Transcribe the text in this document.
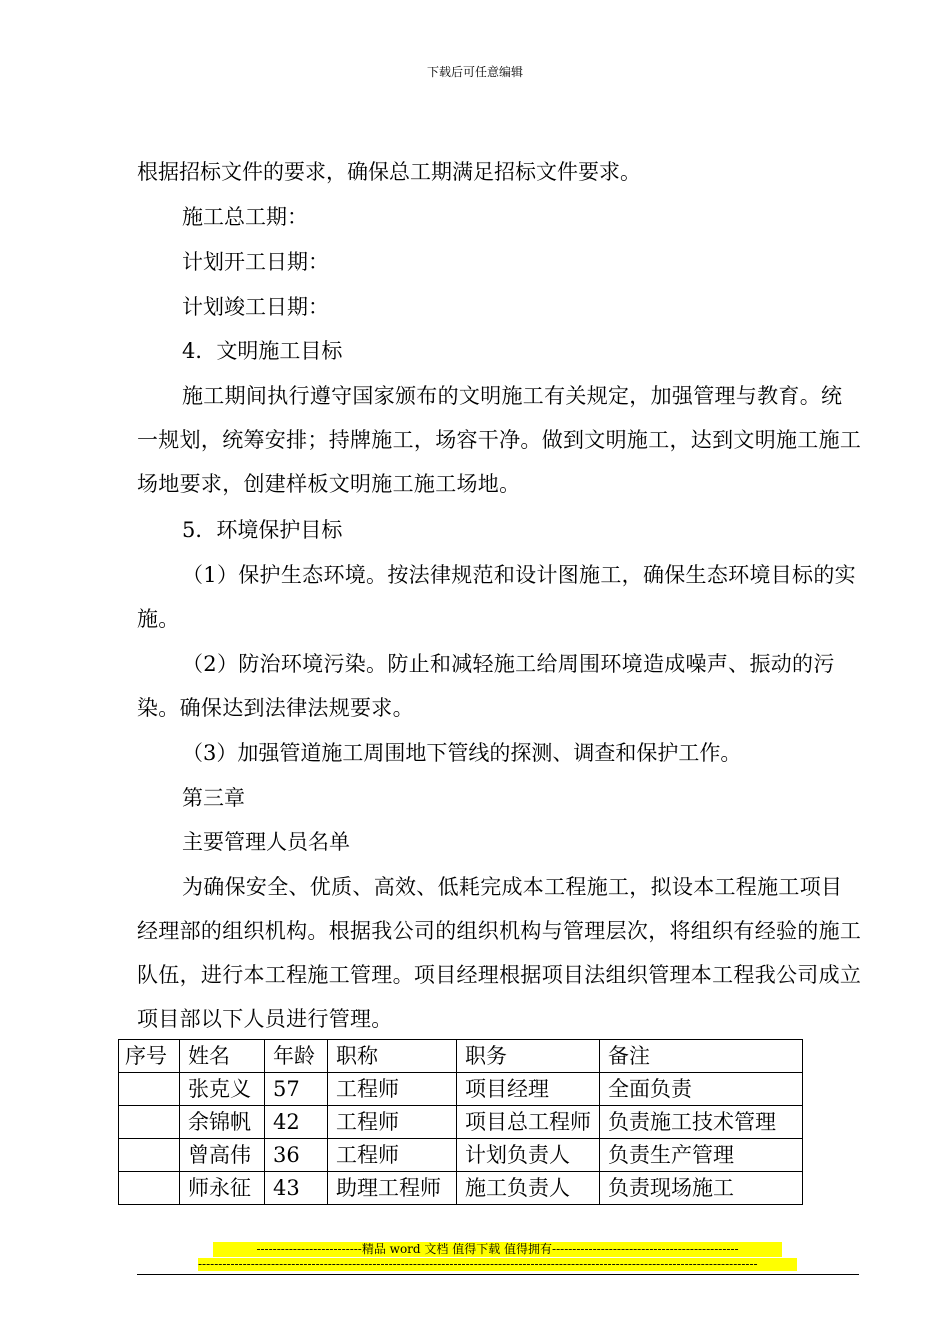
下载后可任意编辑

根据招标文件的要求，确保总工期满足招标文件要求。

施工总工期：

计划开工日期：

计划竣工日期：

4．文明施工目标

施工期间执行遵守国家颁布的文明施工有关规定，加强管理与教育。统一规划，统筹安排；持牌施工，场容干净。做到文明施工，达到文明施工施工场地要求，创建样板文明施工施工场地。

5．环境保护目标

（1）保护生态环境。按法律规范和设计图施工，确保生态环境目标的实施。

（2）防治环境污染。防止和减轻施工给周围环境造成噪声、振动的污染。确保达到法律法规要求。

（3）加强管道施工周围地下管线的探测、调查和保护工作。

第三章

主要管理人员名单

为确保安全、优质、高效、低耗完成本工程施工，拟设本工程施工项目经理部的组织机构。根据我公司的组织机构与管理层次，将组织有经验的施工队伍，进行本工程施工管理。项目经理根据项目法组织管理本工程我公司成立项目部以下人员进行管理。

序号	姓名	年龄	职称	职务	备注
	张克义	57	工程师	项目经理	全面负责
	余锦帆	42	工程师	项目总工程师	负责施工技术管理
	曾高伟	36	工程师	计划负责人	负责生产管理
	师永征	43	助理工程师	施工负责人	负责现场施工
--------------------------精品 word 文档 值得下载 值得拥有----------------------------------------------
------------------------------------------------------------------------------------------------------------------------------------------
